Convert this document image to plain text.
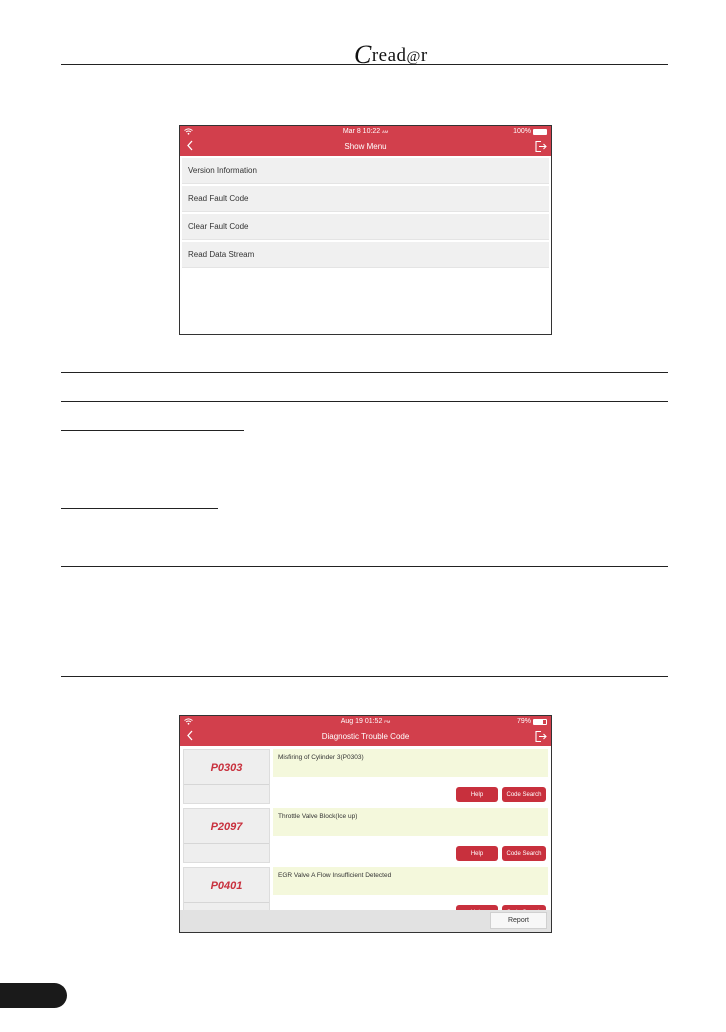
Cread@r
Mar 8 10:22 AM	100%
Show Menu
Version Information
Read Fault Code
Clear Fault Code
Read Data Stream
Aug 19 01:52 PM	79%
Diagnostic Trouble Code
P0303
Misfiring of Cylinder 3(P0303)
Help	Code Search
P2097
Throttle Valve Block(Ice up)
Help	Code Search
P0401
EGR Valve A Flow Insufficient Detected
Report
